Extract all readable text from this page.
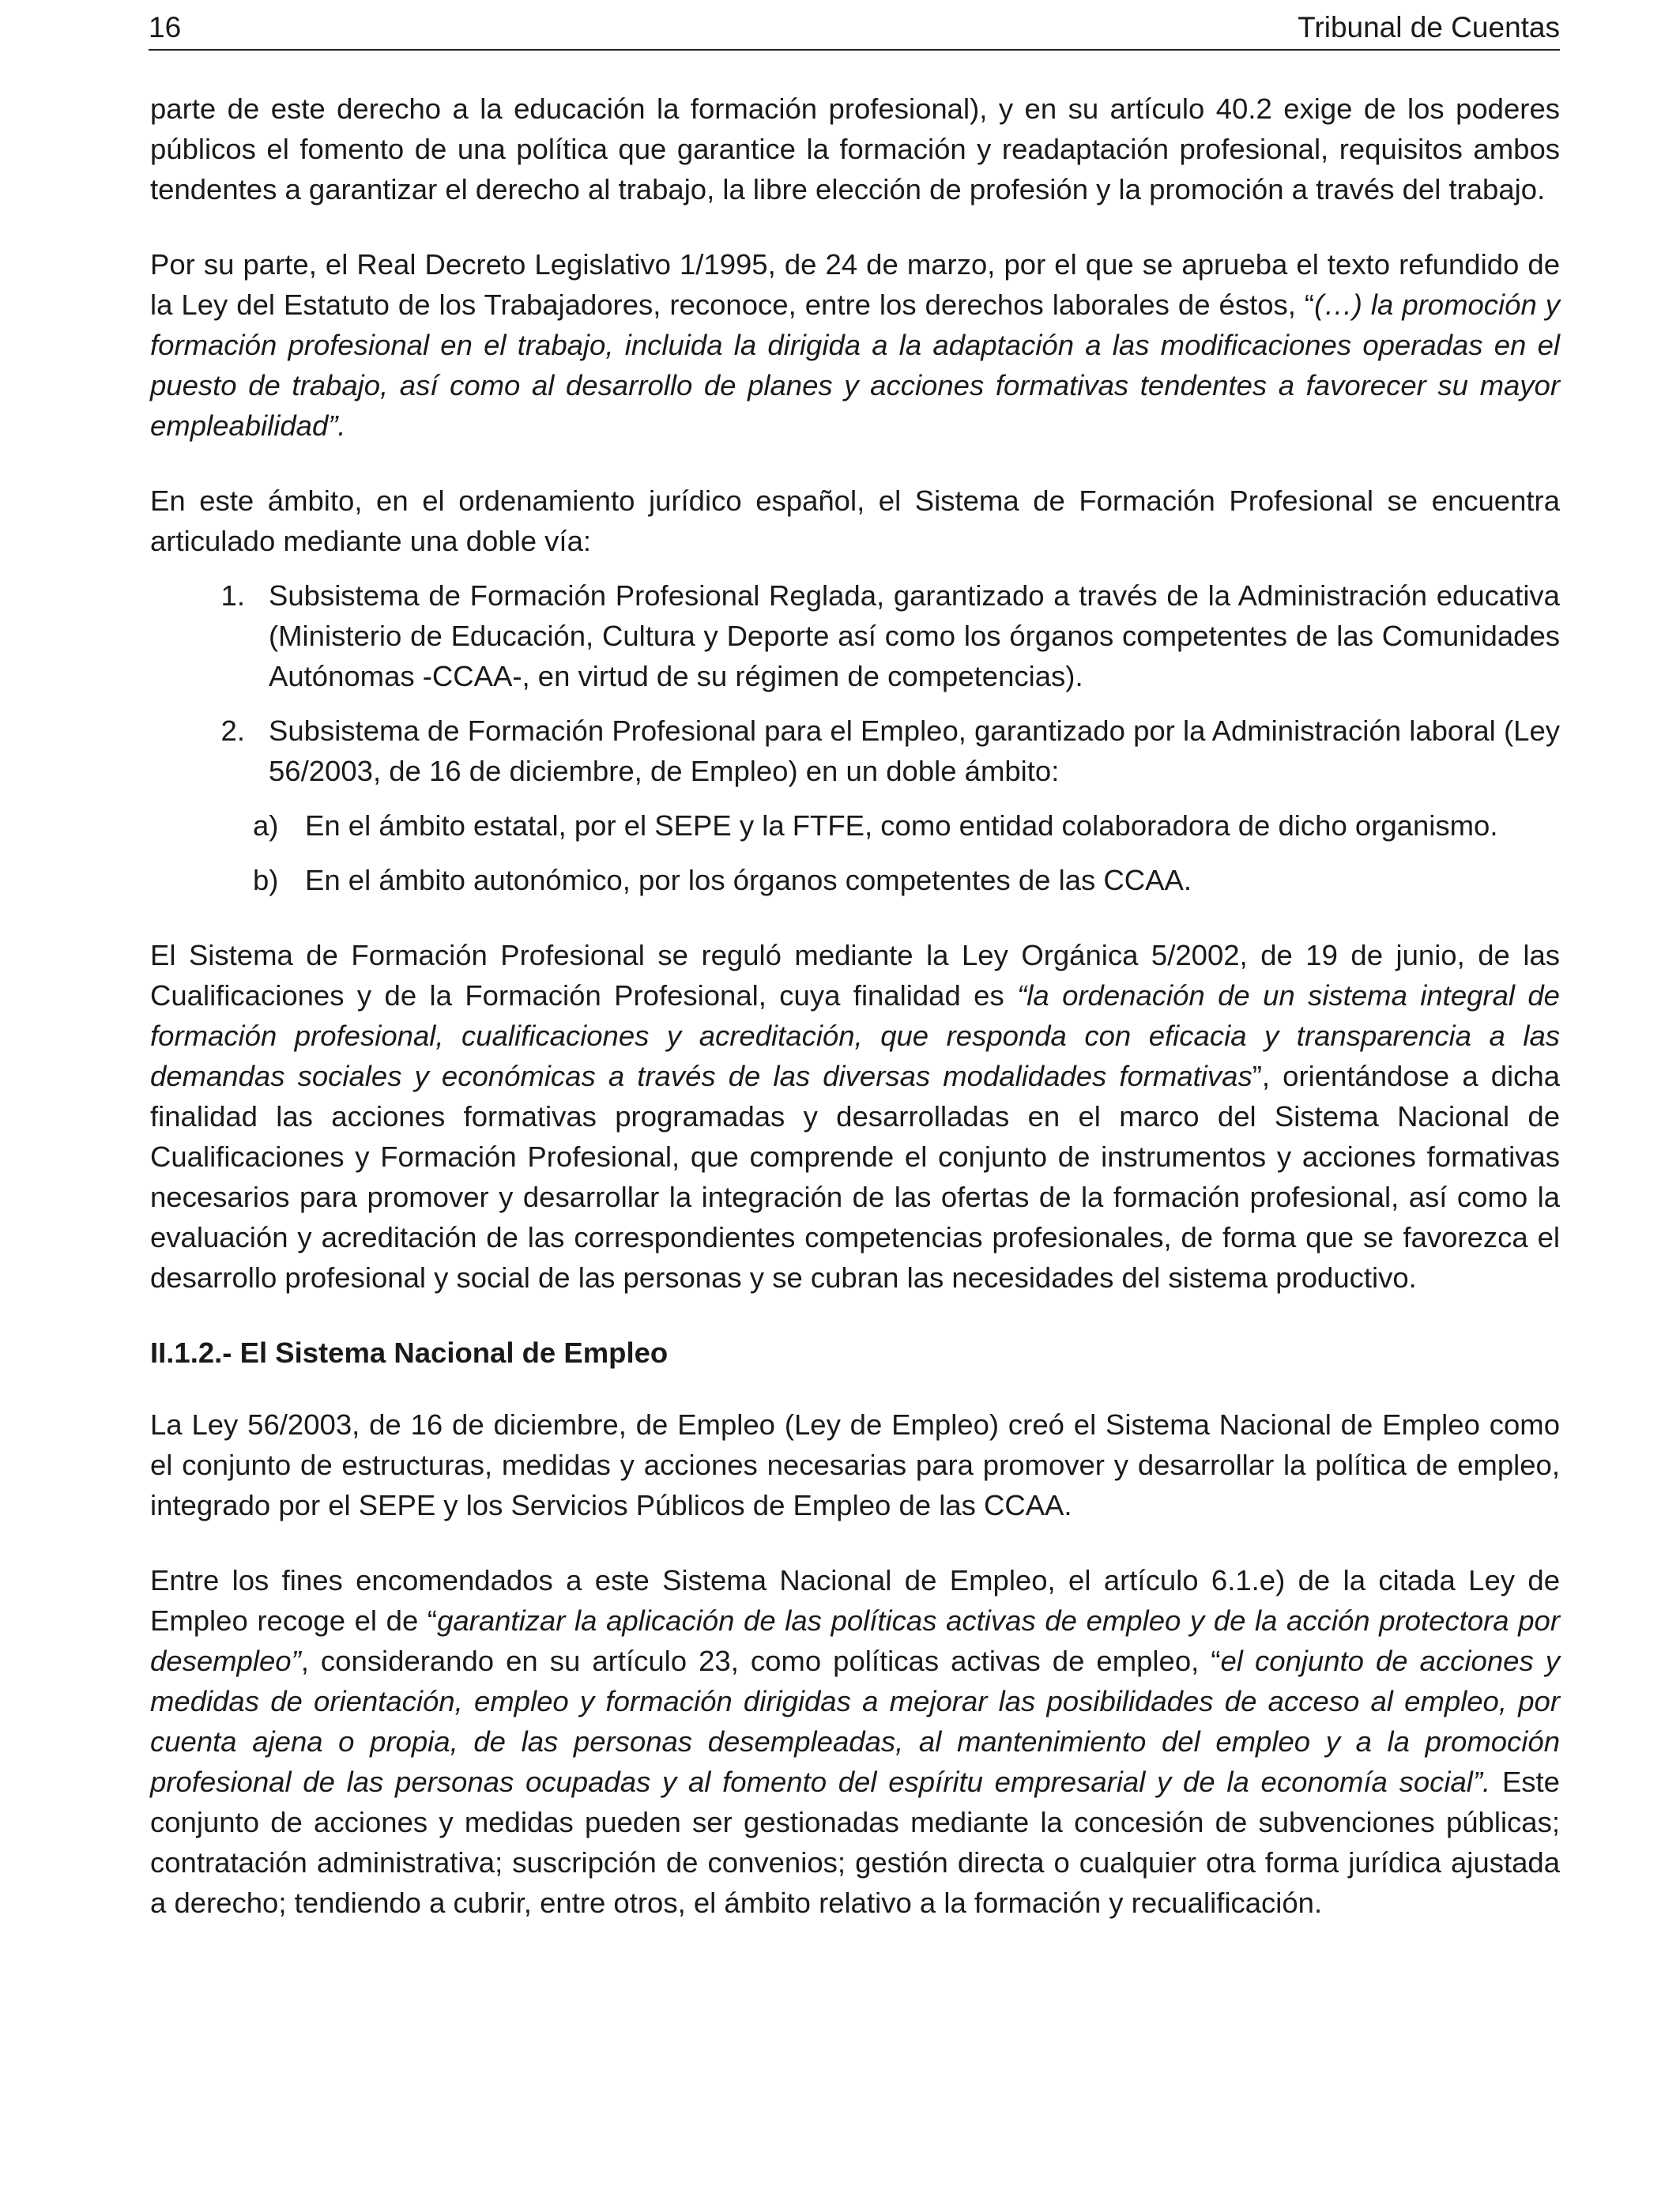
16	Tribunal de Cuentas

parte de este derecho a la educación la formación profesional), y en su artículo 40.2 exige de los poderes públicos el fomento de una política que garantice la formación y readaptación profesional, requisitos ambos tendentes a garantizar el derecho al trabajo, la libre elección de profesión y la promoción a través del trabajo.

Por su parte, el Real Decreto Legislativo 1/1995, de 24 de marzo, por el que se aprueba el texto refundido de la Ley del Estatuto de los Trabajadores, reconoce, entre los derechos laborales de éstos, “(…) la promoción y formación profesional en el trabajo, incluida la dirigida a la adaptación a las modificaciones operadas en el puesto de trabajo, así como al desarrollo de planes y acciones formativas tendentes a favorecer su mayor empleabilidad”.

En este ámbito, en el ordenamiento jurídico español, el Sistema de Formación Profesional se encuentra articulado mediante una doble vía:

1. Subsistema de Formación Profesional Reglada, garantizado a través de la Administración educativa (Ministerio de Educación, Cultura y Deporte así como los órganos competentes de las Comunidades Autónomas -CCAA-, en virtud de su régimen de competencias).
2. Subsistema de Formación Profesional para el Empleo, garantizado por la Administración laboral (Ley 56/2003, de 16 de diciembre, de Empleo) en un doble ámbito:
a) En el ámbito estatal, por el SEPE y la FTFE, como entidad colaboradora de dicho organismo.
b) En el ámbito autonómico, por los órganos competentes de las CCAA.

El Sistema de Formación Profesional se reguló mediante la Ley Orgánica 5/2002, de 19 de junio, de las Cualificaciones y de la Formación Profesional, cuya finalidad es “la ordenación de un sistema integral de formación profesional, cualificaciones y acreditación, que responda con eficacia y transparencia a las demandas sociales y económicas a través de las diversas modalidades formativas”, orientándose a dicha finalidad las acciones formativas programadas y desarrolladas en el marco del Sistema Nacional de Cualificaciones y Formación Profesional, que comprende el conjunto de instrumentos y acciones formativas necesarios para promover y desarrollar la integración de las ofertas de la formación profesional, así como la evaluación y acreditación de las correspondientes competencias profesionales, de forma que se favorezca el desarrollo profesional y social de las personas y se cubran las necesidades del sistema productivo.

II.1.2.- El Sistema Nacional de Empleo

La Ley 56/2003, de 16 de diciembre, de Empleo (Ley de Empleo) creó el Sistema Nacional de Empleo como el conjunto de estructuras, medidas y acciones necesarias para promover y desarrollar la política de empleo, integrado por el SEPE y los Servicios Públicos de Empleo de las CCAA.

Entre los fines encomendados a este Sistema Nacional de Empleo, el artículo 6.1.e) de la citada Ley de Empleo recoge el de “garantizar la aplicación de las políticas activas de empleo y de la acción protectora por desempleo”, considerando en su artículo 23, como políticas activas de empleo, “el conjunto de acciones y medidas de orientación, empleo y formación dirigidas a mejorar las posibilidades de acceso al empleo, por cuenta ajena o propia, de las personas desempleadas, al mantenimiento del empleo y a la promoción profesional de las personas ocupadas y al fomento del espíritu empresarial y de la economía social”. Este conjunto de acciones y medidas pueden ser gestionadas mediante la concesión de subvenciones públicas; contratación administrativa; suscripción de convenios; gestión directa o cualquier otra forma jurídica ajustada a derecho; tendiendo a cubrir, entre otros, el ámbito relativo a la formación y recualificación.
